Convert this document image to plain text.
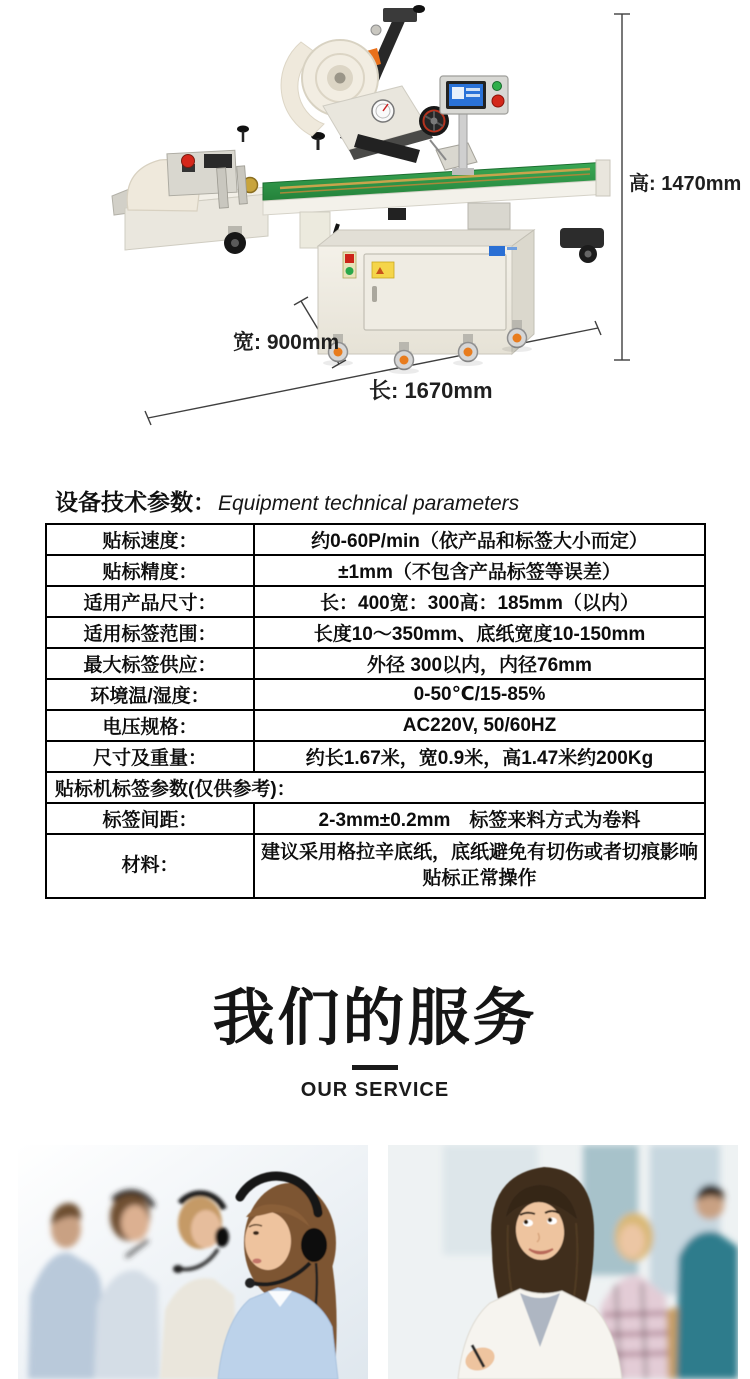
高: 1470mm
宽: 900mm
长: 1670mm
设备技术参数：Equipment technical parameters
贴标速度：	约0-60P/min（依产品和标签大小而定）
贴标精度：	±1mm（不包含产品标签等误差）
适用产品尺寸：	长：400宽：300高：185mm（以内）
适用标签范围：	长度10～350mm、底纸宽度10-150mm
最大标签供应：	外径 300以内，内径76mm
环境温/湿度：	0-50℃/15-85%
电压规格：	AC220V, 50/60HZ
尺寸及重量：	约长1.67米，宽0.9米，高1.47米约200Kg
贴标机标签参数(仅供参考)：	
标签间距：	2-3mm±0.2mm　标签来料方式为卷料
材料：	建议采用格拉辛底纸，底纸避免有切伤或者切痕影响贴标正常操作
我们的服务
OUR SERVICE
